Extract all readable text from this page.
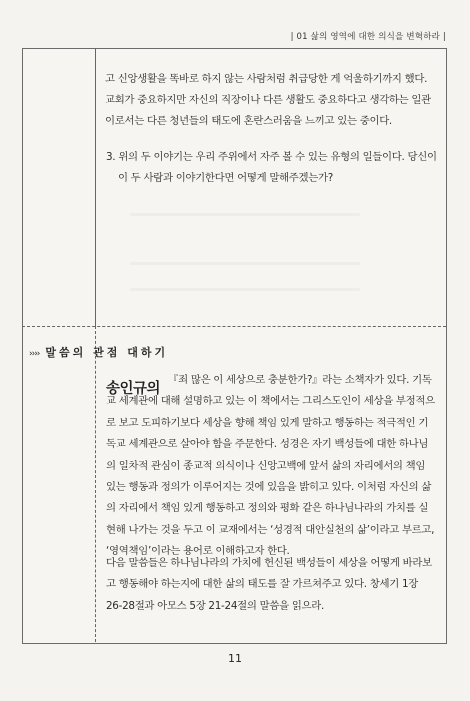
| 01 삶의 영역에 대한 의식을 변혁하라 |

고 신앙생활을 똑바로 하지 않는 사람처럼 취급당한 게 억울하기까지 했다. 교회가 중요하지만 자신의 직장이나 다른 생활도 중요하다고 생각하는 일관이로서는 다른 청년들의 태도에 혼란스러움을 느끼고 있는 중이다.

3. 위의 두 이야기는 우리 주위에서 자주 볼 수 있는 유형의 일들이다. 당신이 이 두 사람과 이야기한다면 어떻게 말해주겠는가?

›››› 말씀의 관점 대하기
송인규의

『죄 많은 이 세상으로 충분한가?』라는 소책자가 있다. 기독교 세계관에 대해 설명하고 있는 이 책에서는 그리스도인이 세상을 부정적으로 보고 도피하기보다 세상을 향해 책임 있게 말하고 행동하는 적극적인 기독교 세계관으로 살아야 함을 주문한다. 성경은 자기 백성들에 대한 하나님의 일차적 관심이 종교적 의식이나 신앙고백에 앞서 삶의 자리에서의 책임 있는 행동과 정의가 이루어지는 것에 있음을 밝히고 있다. 이처럼 자신의 삶의 자리에서 책임 있게 행동하고 정의와 평화 같은 하나님나라의 가치를 실현해 나가는 것을 두고 이 교재에서는 ‘성경적 대안실천의 삶’이라고 부르고, ‘영역책임’이라는 용어로 이해하고자 한다.

다음 말씀들은 하나님나라의 가치에 헌신된 백성들이 세상을 어떻게 바라보고 행동해야 하는지에 대한 삶의 태도를 잘 가르쳐주고 있다. 창세기 1장 26-28절과 아모스 5장 21-24절의 말씀을 읽으라.

11
